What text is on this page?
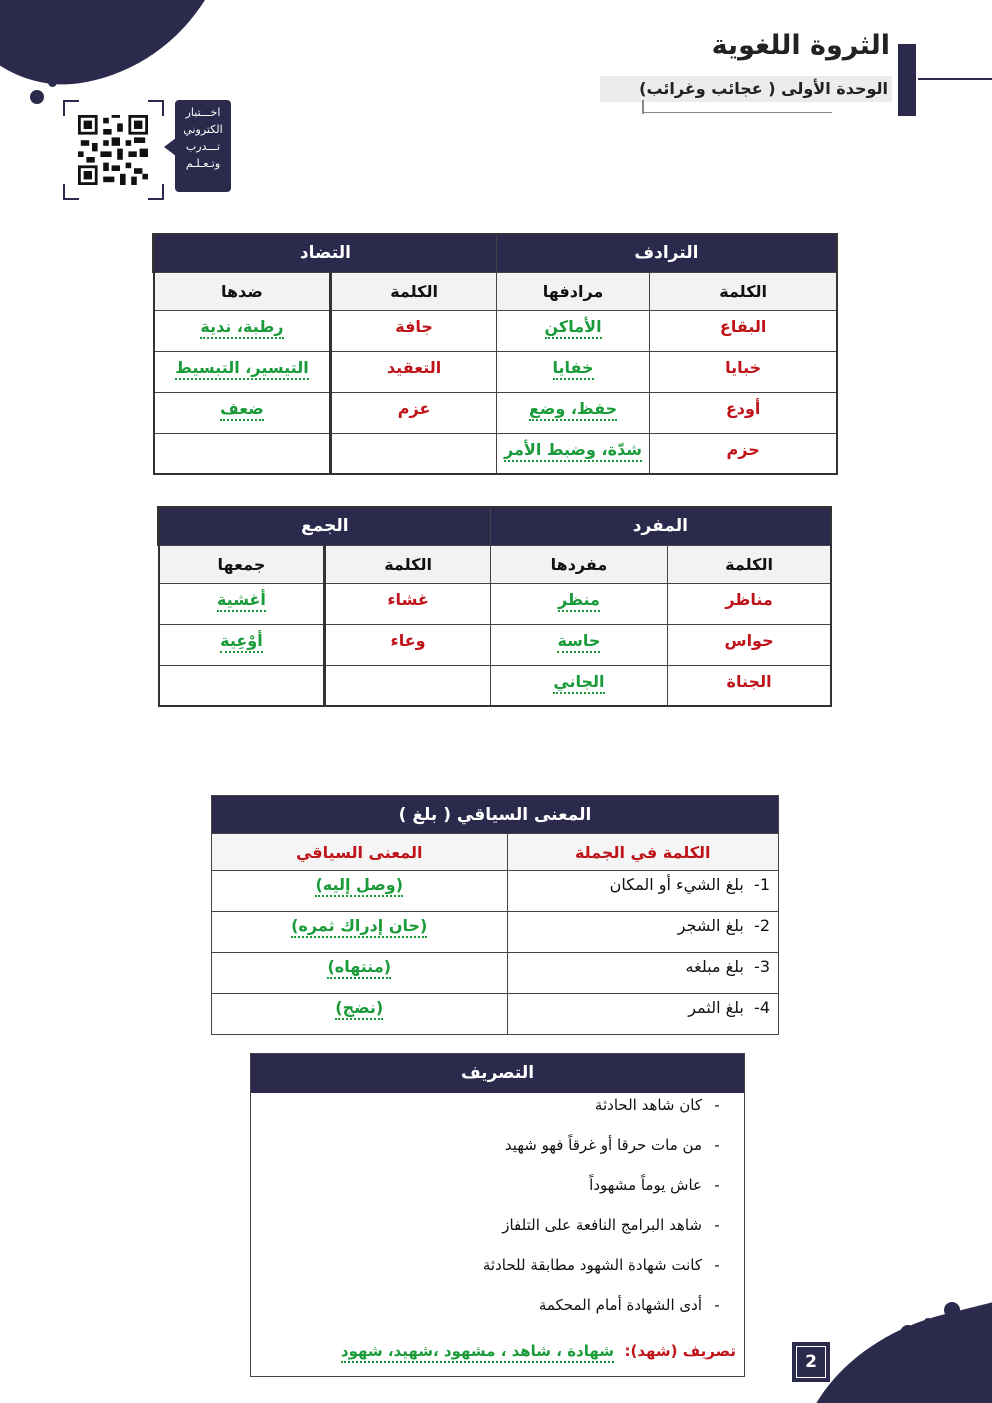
الثروة اللغوية
الوحدة الأولى ( عجائب وغرائب)
اخـــتبار
الكتروني
تـــدرب
وتـعـلـم
الترادف		التضاد	
الكلمة	مرادفها	الكلمة	ضدها
البقاع	الأماكن	جافة	رطبة، ندية
خبايا	خفايا	التعقيد	التيسير، التبسيط
أودع	حفظ، وضع	عزم	ضعف
حزم	شدّة، وضبط الأمر		
المفرد		الجمع	
الكلمة	مفردها	الكلمة	جمعها
مناظر	منظر	غشاء	أغشية
حواس	حاسة	وعاء	أوْعِية
الجناة	الجاني		
المعنى السياقي ( بلغ )	
الكلمة في الجملة	المعنى السياقي
1-  بلغ الشيء أو المكان	(وصل إليه)
2-  بلغ الشجر	(حان إدراك ثمره)
3-  بلغ مبلغه	(منتهاه)
4-  بلغ الثمر	(نضج)
التصريف
-
كان شاهد الحادثة
-
من مات حرقا أو غرقاً فهو شهيد
-
عاش يوماً مشهوداً
-
شاهد البرامج النافعة على التلفاز
-
كانت شهادة الشهود مطابقة للحادثة
-
أدى الشهادة أمام المحكمة
تصريف (شهد):  شهادة ، شاهد ، مشهود ،شهيد، شهود
2
